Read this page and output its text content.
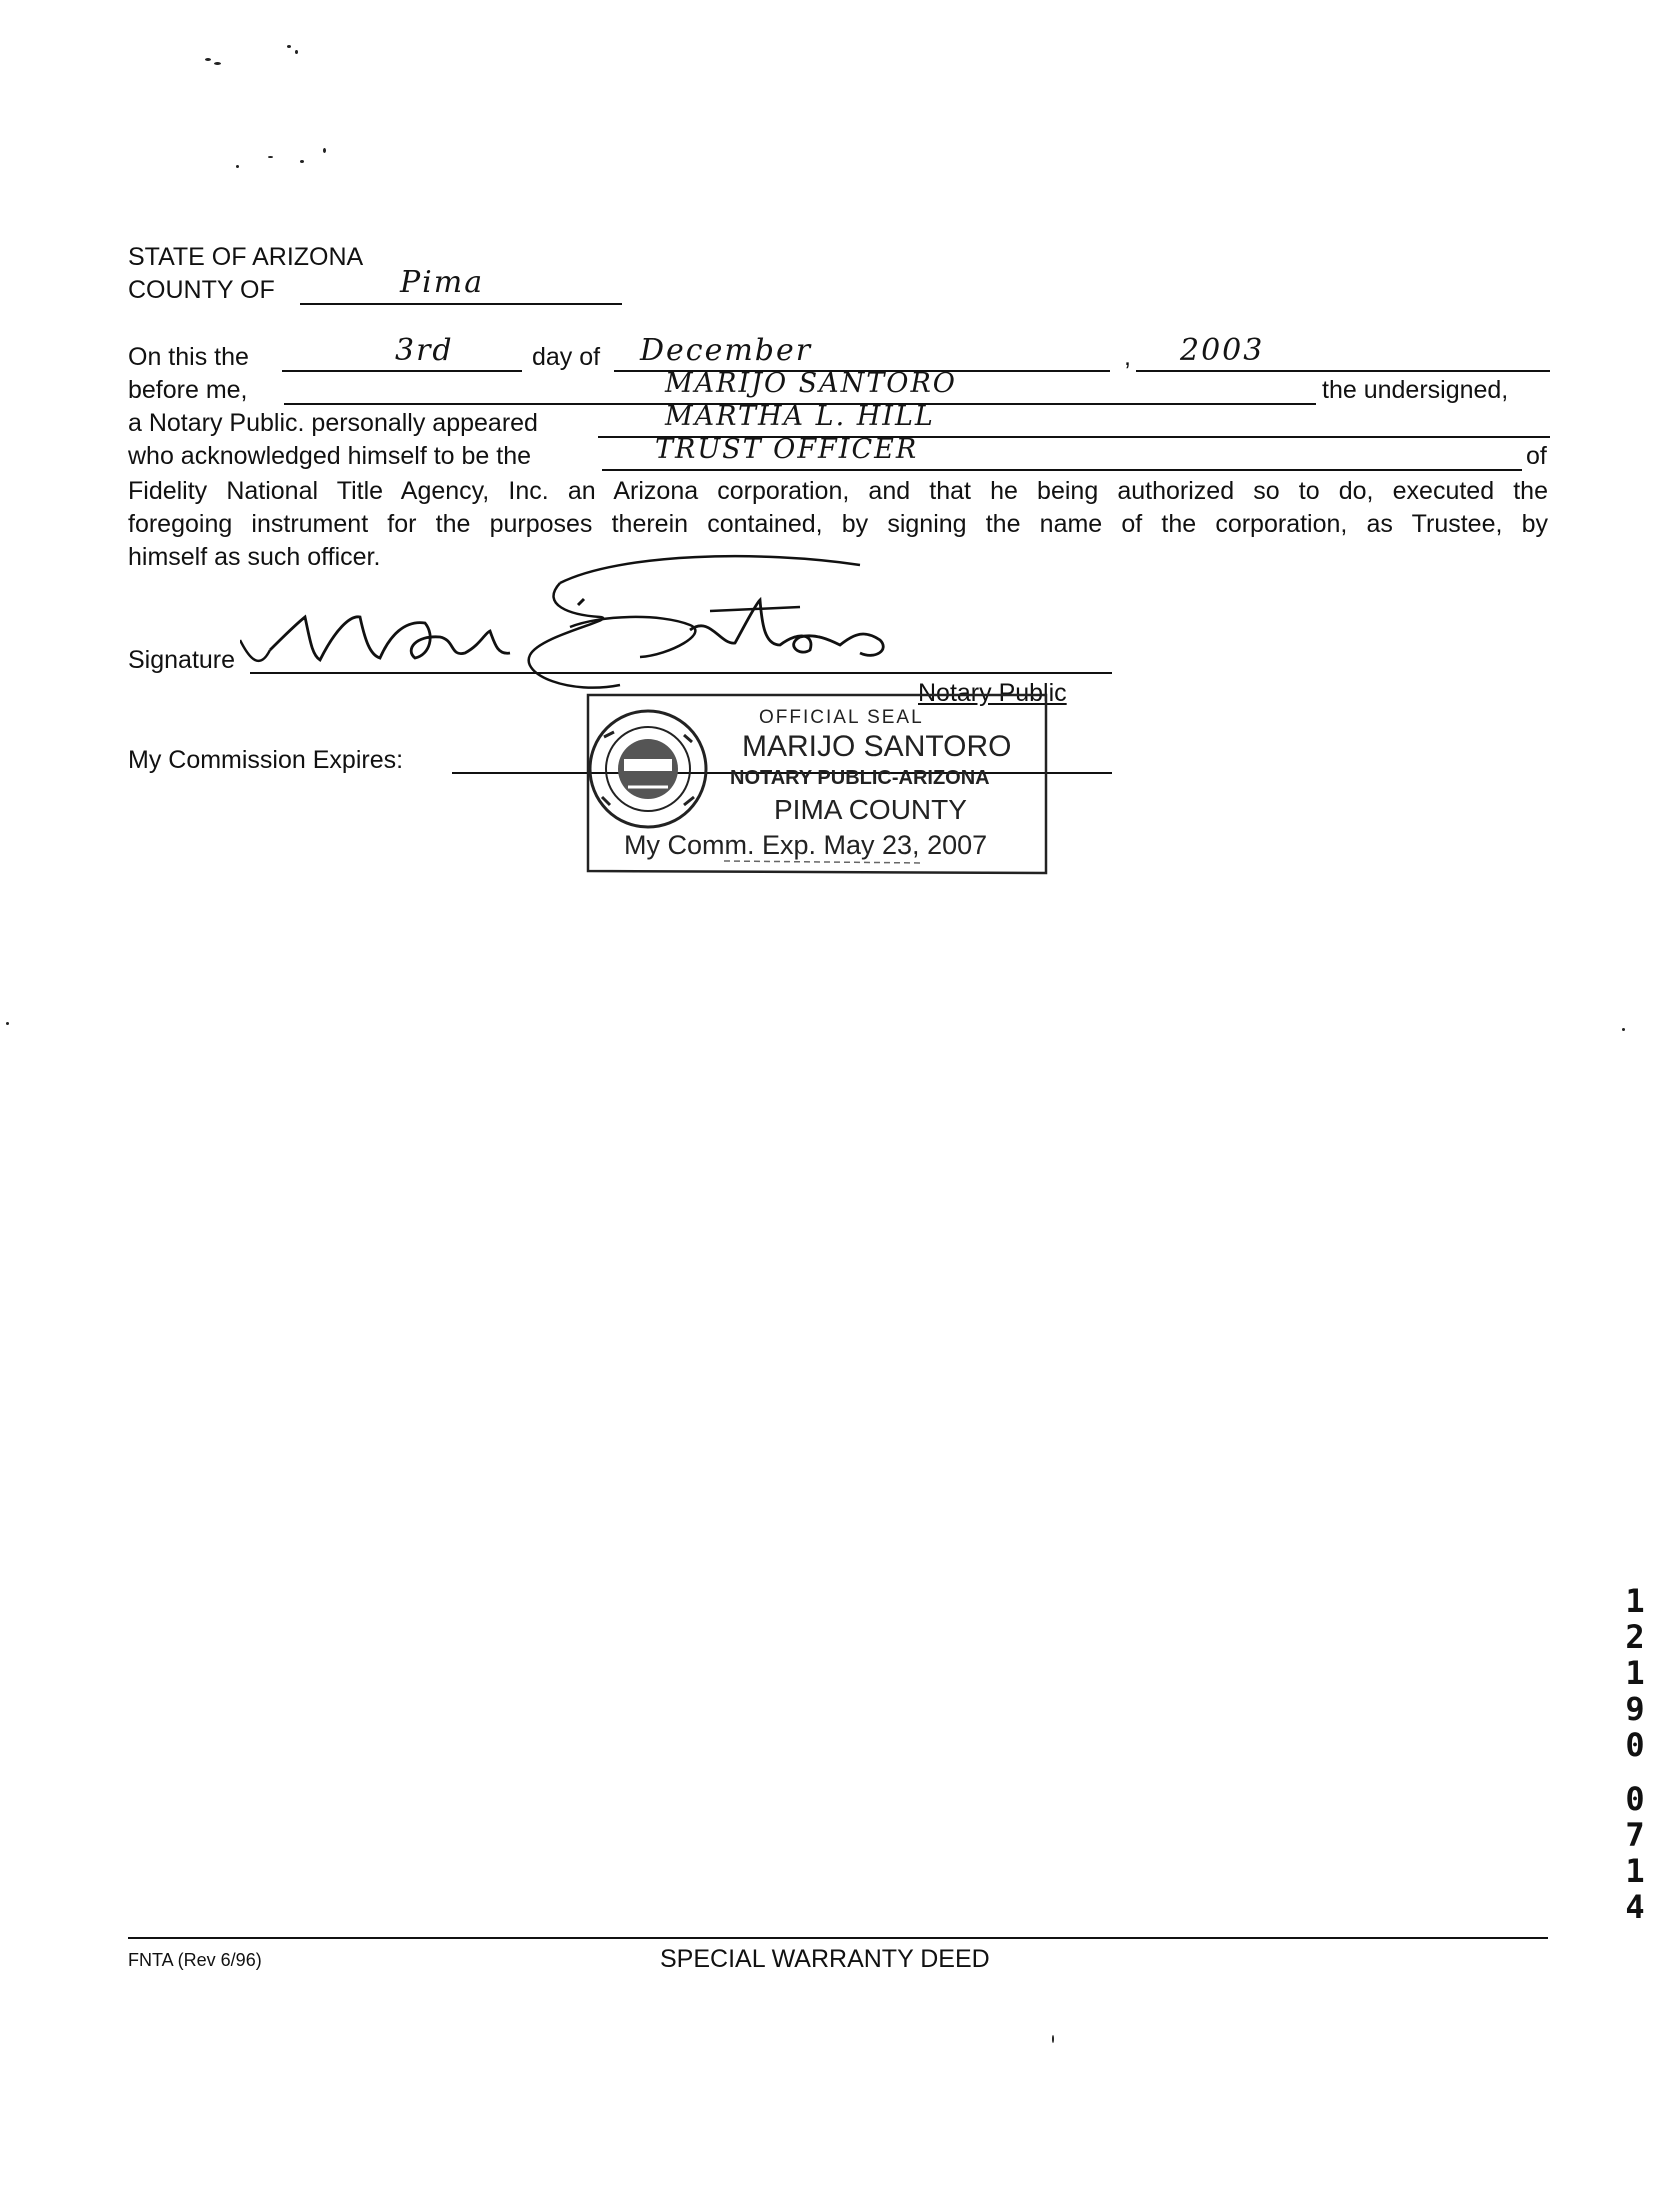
STATE OF ARIZONA
COUNTY OF	Pima
On this the	3rd	day of December	, 2003
before me,	MARIJO SANTORO	the undersigned,
a Notary Public. personally appeared	MARTHA L. HILL
who acknowledged himself to be the	TRUST OFFICER	of

Fidelity National Title Agency, Inc. an Arizona corporation, and that he being authorized so to do, executed the

foregoing instrument for the purposes therein contained, by signing the name of the corporation, as Trustee, by

himself as such officer.

Signature
Notary Public
My Commission Expires:
OFFICIAL SEAL
MARIJO SANTORO
NOTARY PUBLIC-ARIZONA
PIMA COUNTY
My Comm. Exp. May 23, 2007
1
2
1
9
0
0
7
1
4
FNTA (Rev 6/96)	SPECIAL WARRANTY DEED
